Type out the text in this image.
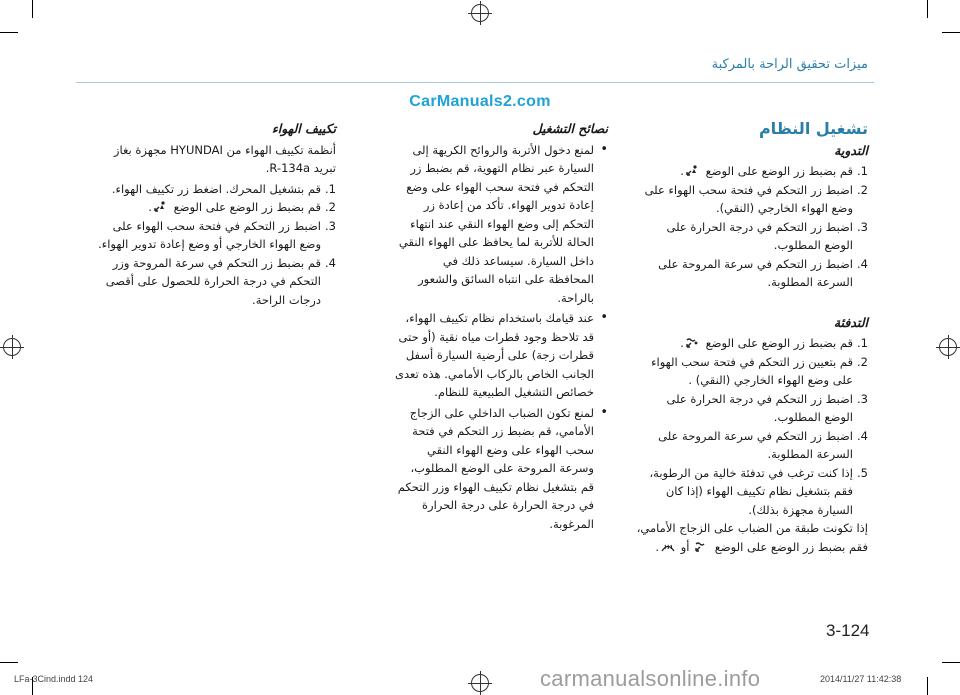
ميزات تحقيق الراحة بالمركبة
CarManuals2.com
تشغيل النظام
التدوية
1.
قم بضبط زر الوضع على الوضع .
2.
اضبط زر التحكم في فتحة سحب الهواء على وضع الهواء الخارجي (النقي).
3.
اضبط زر التحكم في درجة الحرارة على الوضع المطلوب.
4.
اضبط زر التحكم في سرعة المروحة على السرعة المطلوبة.
التدفئة
1.
قم بضبط زر الوضع على الوضع .
2.
قم بتعيين زر التحكم في فتحة سحب الهواء على وضع الهواء الخارجي (النقي) .
3.
اضبط زر التحكم في درجة الحرارة على الوضع المطلوب.
4.
اضبط زر التحكم في سرعة المروحة على السرعة المطلوبة.
5.
إذا كنت ترغب في تدفئة خالية من الرطوبة، فقم بتشغيل نظام تكييف الهواء (إذا كان السيارة مجهزة بذلك).

إذا تكونت طبقة من الضباب على الزجاج الأمامي، فقم بضبط زر الوضع على الوضع  أو .

نصائح التشغيل
• لمنع دخول الأتربة والروائح الكريهة إلى السيارة عبر نظام التهوية، قم بضبط زر التحكم في فتحة سحب الهواء على وضع إعادة تدوير الهواء. تأكد من إعادة زر التحكم إلى وضع الهواء النقي عند انتهاء الحالة للأتربة لما يحافظ على الهواء النقي داخل السيارة. سيساعد ذلك في المحافظة على انتباه السائق والشعور بالراحة.
• عند قيامك باستخدام نظام تكييف الهواء، قد تلاحظ وجود قطرات مياه نقية (أو حتى قطرات زجة) على أرضية السيارة أسفل الجانب الخاص بالركاب الأمامي. هذه تعدى خصائص التشغيل الطبيعية للنظام.
• لمنع تكون الضباب الداخلي على الزجاج الأمامي، قم بضبط زر التحكم في فتحة سحب الهواء على وضع الهواء النقي وسرعة المروحة على الوضع المطلوب، قم بتشغيل نظام تكييف الهواء وزر التحكم في درجة الحرارة على درجة الحرارة المرغوبة.
تكييف الهواء

أنظمة تكييف الهواء من HYUNDAI مجهزة بغاز تبريد R-134a.

1.
قم بتشغيل المحرك. اضغط زر تكييف الهواء.
2.
قم بضبط زر الوضع على الوضع .
3.
اضبط زر التحكم في فتحة سحب الهواء على وضع الهواء الخارجي أو وضع إعادة تدوير الهواء.
4.
قم بضبط زر التحكم في سرعة المروحة وزر التحكم في درجة الحرارة للحصول على أقصى درجات الراحة.
3-124
LFa-3Cind.indd 124	carmanualsonline.info	2014/11/27 11:42:38
